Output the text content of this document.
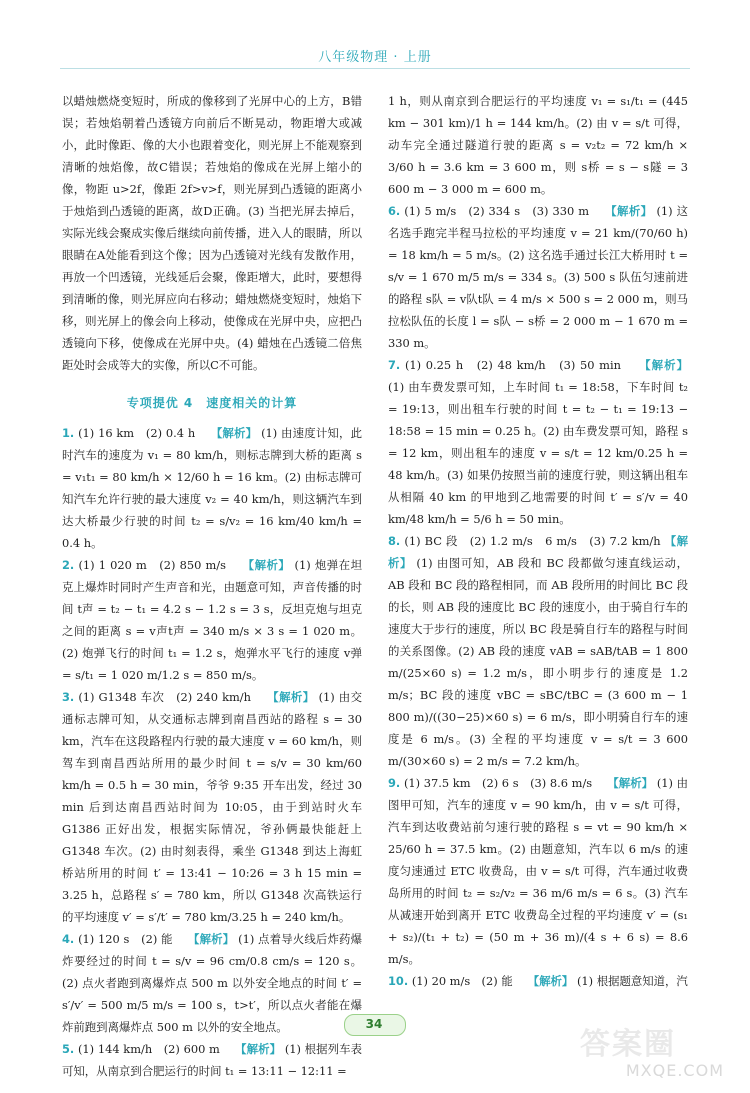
八年级物理 · 上册

以蜡烛燃烧变短时，所成的像移到了光屏中心的上方，B错误；若烛焰朝着凸透镜方向前后不断晃动，物距增大或减小，此时像距、像的大小也跟着变化，则光屏上不能观察到清晰的烛焰像，故C错误；若烛焰的像成在光屏上缩小的像，物距 u>2f，像距 2f>v>f，则光屏到凸透镜的距离小于烛焰到凸透镜的距离，故D正确。(3) 当把光屏去掉后，实际光线会聚成实像后继续向前传播，进入人的眼睛，所以眼睛在A处能看到这个像；因为凸透镜对光线有发散作用，再放一个凹透镜，光线延后会聚，像距增大，此时，要想得到清晰的像，则光屏应向右移动；蜡烛燃烧变短时，烛焰下移，则光屏上的像会向上移动，使像成在光屏中央，应把凸透镜向下移，使像成在光屏中央。(4) 蜡烛在凸透镜二倍焦距处时会成等大的实像，所以C不可能。

专项提优 4　速度相关的计算

1. (1) 16 km　(2) 0.4 h　 【解析】 (1) 由速度计知，此时汽车的速度为 v₁ = 80 km/h，则标志牌到大桥的距离 s = v₁t₁ = 80 km/h × 12/60 h = 16 km。(2) 由标志牌可知汽车允许行驶的最大速度 v₂ = 40 km/h，则这辆汽车到达大桥最少行驶的时间 t₂ = s/v₂ = 16 km/40 km/h = 0.4 h。

2. (1) 1 020 m　(2) 850 m/s　 【解析】 (1) 炮弹在坦克上爆炸时同时产生声音和光，由题意可知，声音传播的时间 t声 = t₂ − t₁ = 4.2 s − 1.2 s = 3 s，反坦克炮与坦克之间的距离 s = v声t声 = 340 m/s × 3 s = 1 020 m。(2) 炮弹飞行的时间 t₁ = 1.2 s，炮弹水平飞行的速度 v弹 = s/t₁ = 1 020 m/1.2 s = 850 m/s。

3. (1) G1348 车次　(2) 240 km/h　 【解析】 (1) 由交通标志牌可知，从交通标志牌到南昌西站的路程 s = 30 km，汽车在这段路程内行驶的最大速度 v = 60 km/h，则驾车到南昌西站所用的最少时间 t = s/v = 30 km/60 km/h = 0.5 h = 30 min，爷爷 9:35 开车出发，经过 30 min 后到达南昌西站时间为 10:05，由于到站时火车 G1386 正好出发，根据实际情况，爷孙俩最快能赶上 G1348 车次。(2) 由时刻表得，乘坐 G1348 到达上海虹桥站所用的时间 t′ = 13:41 − 10:26 = 3 h 15 min = 3.25 h，总路程 s′ = 780 km，所以 G1348 次高铁运行的平均速度 v′ = s′/t′ = 780 km/3.25 h = 240 km/h。

4. (1) 120 s　(2) 能　 【解析】 (1) 点着导火线后炸药爆炸要经过的时间 t = s/v = 96 cm/0.8 cm/s = 120 s。(2) 点火者跑到离爆炸点 500 m 以外安全地点的时间 t′ = s′/v′ = 500 m/5 m/s = 100 s，t>t′，所以点火者能在爆炸前跑到离爆炸点 500 m 以外的安全地点。

5. (1) 144 km/h　(2) 600 m　 【解析】 (1) 根据列车表可知，从南京到合肥运行的时间 t₁ = 13:11 − 12:11 =

1 h，则从南京到合肥运行的平均速度 v₁ = s₁/t₁ = (445 km − 301 km)/1 h = 144 km/h。(2) 由 v = s/t 可得，动车完全通过隧道行驶的距离 s = v₂t₂ = 72 km/h × 3/60 h = 3.6 km = 3 600 m，则 s桥 = s − s隧 = 3 600 m − 3 000 m = 600 m。

6. (1) 5 m/s　(2) 334 s　(3) 330 m　 【解析】 (1) 这名选手跑完半程马拉松的平均速度 v = 21 km/(70/60 h) = 18 km/h = 5 m/s。(2) 这名选手通过长江大桥用时 t = s/v = 1 670 m/5 m/s = 334 s。(3) 500 s 队伍匀速前进的路程 s队 = v队t队 = 4 m/s × 500 s = 2 000 m，则马拉松队伍的长度 l = s队 − s桥 = 2 000 m − 1 670 m = 330 m。

7. (1) 0.25 h　(2) 48 km/h　(3) 50 min　 【解析】 (1) 由车费发票可知，上车时间 t₁ = 18:58，下车时间 t₂ = 19:13，则出租车行驶的时间 t = t₂ − t₁ = 19:13 − 18:58 = 15 min = 0.25 h。(2) 由车费发票可知，路程 s = 12 km，则出租车的速度 v = s/t = 12 km/0.25 h = 48 km/h。(3) 如果仍按照当前的速度行驶，则这辆出租车从相隔 40 km 的甲地到乙地需要的时间 t′ = s′/v = 40 km/48 km/h = 5/6 h = 50 min。

8. (1) BC 段　(2) 1.2 m/s　6 m/s　(3) 7.2 km/h 【解析】 (1) 由图可知，AB 段和 BC 段都做匀速直线运动，AB 段和 BC 段的路程相同，而 AB 段所用的时间比 BC 段的长，则 AB 段的速度比 BC 段的速度小，由于骑自行车的速度大于步行的速度，所以 BC 段是骑自行车的路程与时间的关系图像。(2) AB 段的速度 vAB = sAB/tAB = 1 800 m/(25×60 s) = 1.2 m/s，即小明步行的速度是 1.2 m/s；BC 段的速度 vBC = sBC/tBC = (3 600 m − 1 800 m)/((30−25)×60 s) = 6 m/s，即小明骑自行车的速度是 6 m/s。(3) 全程的平均速度 v = s/t = 3 600 m/(30×60 s) = 2 m/s = 7.2 km/h。

9. (1) 37.5 km　(2) 6 s　(3) 8.6 m/s　 【解析】 (1) 由图甲可知，汽车的速度 v = 90 km/h，由 v = s/t 可得，汽车到达收费站前匀速行驶的路程 s = vt = 90 km/h × 25/60 h = 37.5 km。(2) 由题意知，汽车以 6 m/s 的速度匀速通过 ETC 收费岛，由 v = s/t 可得，汽车通过收费岛所用的时间 t₂ = s₂/v₂ = 36 m/6 m/s = 6 s。(3) 汽车从减速开始到离开 ETC 收费岛全过程的平均速度 v′ = (s₁ + s₂)/(t₁ + t₂) = (50 m + 36 m)/(4 s + 6 s) = 8.6 m/s。

10. (1) 20 m/s　(2) 能　 【解析】 (1) 根据题意知道，汽

34
答案圈
MXQE.COM
